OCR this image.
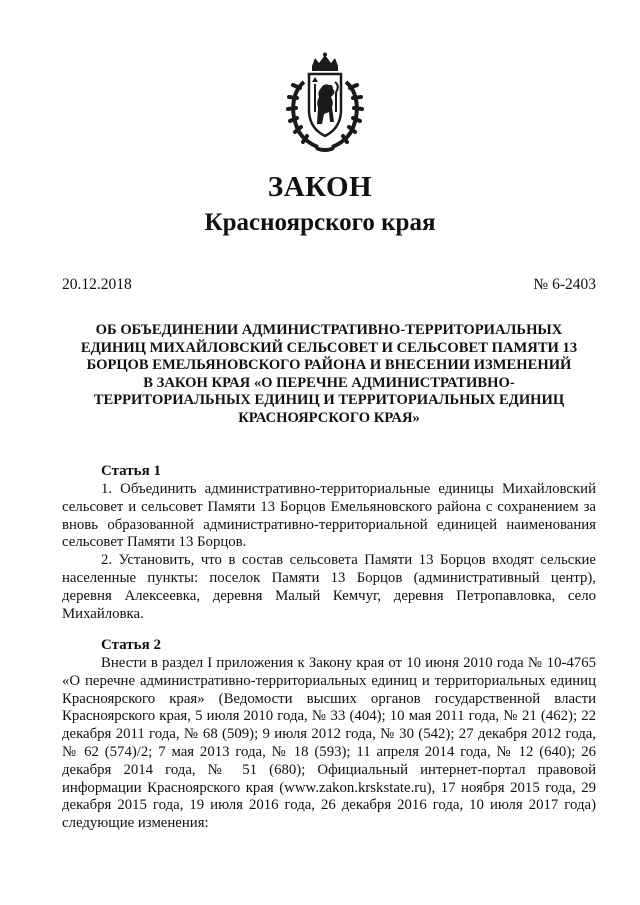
ЗАКОН
Красноярского края
20.12.2018	№ 6-2403
ОБ ОБЪЕДИНЕНИИ АДМИНИСТРАТИВНО-ТЕРРИТОРИАЛЬНЫХ
ЕДИНИЦ МИХАЙЛОВСКИЙ СЕЛЬСОВЕТ И СЕЛЬСОВЕТ ПАМЯТИ 13
БОРЦОВ ЕМЕЛЬЯНОВСКОГО РАЙОНА И ВНЕСЕНИИ ИЗМЕНЕНИЙ
В ЗАКОН КРАЯ «О ПЕРЕЧНЕ АДМИНИСТРАТИВНО-
ТЕРРИТОРИАЛЬНЫХ ЕДИНИЦ И ТЕРРИТОРИАЛЬНЫХ ЕДИНИЦ
КРАСНОЯРСКОГО КРАЯ»
Статья 1

1. Объединить административно-территориальные единицы Михайловский сельсовет и сельсовет Памяти 13 Борцов Емельяновского района с сохранением за вновь образованной административно-территориальной единицей наименования сельсовет Памяти 13 Борцов.

2. Установить, что в состав сельсовета Памяти 13 Борцов входят сельские населенные пункты: поселок Памяти 13 Борцов (административный центр), деревня Алексеевка, деревня Малый Кемчуг, деревня Петропавловка, село Михайловка.

Статья 2

Внести в раздел I приложения к Закону края от 10 июня 2010 года № 10-4765 «О перечне административно-территориальных единиц и территориальных единиц Красноярского края» (Ведомости высших органов государственной власти Красноярского края, 5 июля 2010 года, № 33 (404); 10 мая 2011 года, № 21 (462); 22 декабря 2011 года, № 68 (509); 9 июля 2012 года, № 30 (542); 27 декабря 2012 года, № 62 (574)/2; 7 мая 2013 года, № 18 (593); 11 апреля 2014 года, № 12 (640); 26 декабря 2014 года, № 51 (680); Официальный интернет-портал правовой информации Красноярского края (www.zakon.krskstate.ru), 17 ноября 2015 года, 29 декабря 2015 года, 19 июля 2016 года, 26 декабря 2016 года, 10 июля 2017 года) следующие изменения:
